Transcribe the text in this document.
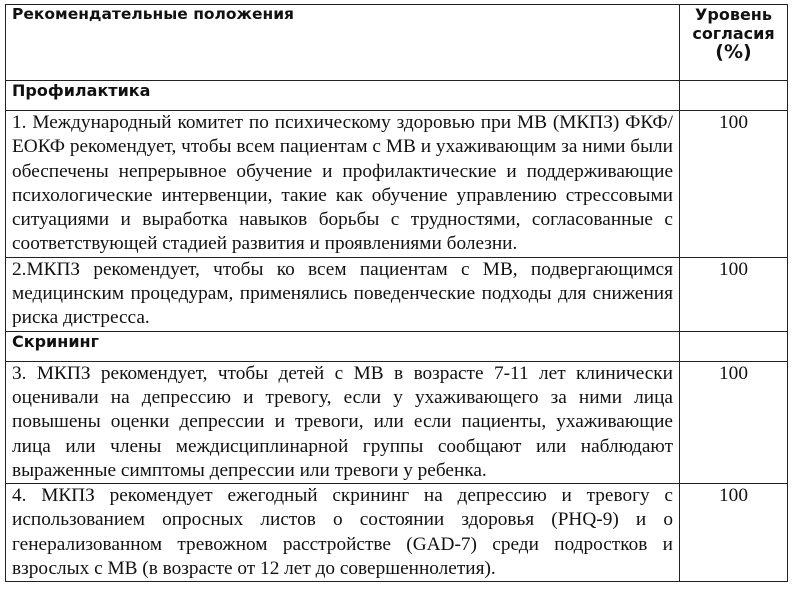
Рекомендательные положения	Уровень
согласия
(%)

Профилактика	
1. Международный комитет по психическому здоровью при МВ (МКПЗ) ФКФ/ЕОКФ рекомендует, чтобы всем пациентам с МВ и ухаживающим за ними были обеспечены непрерывное обучение и профилактические и поддерживающие психологические интервенции, такие как обучение управлению стрессовыми ситуациями и выработка навыков борьбы с трудностями, согласованные с соответствующей стадией развития и проявлениями болезни.	100
2.МКПЗ рекомендует, чтобы ко всем пациентам с МВ, подвергающимся медицинским процедурам, применялись поведенческие подходы для снижения риска дистресса.	100
Скрининг	
3. МКПЗ рекомендует, чтобы детей с МВ в возрасте 7-11 лет клинически оценивали на депрессию и тревогу, если у ухаживающего за ними лица повышены оценки депрессии и тревоги, или если пациенты, ухаживающие лица или члены междисциплинарной группы сообщают или наблюдают выраженные симптомы депрессии или тревоги у ребенка.	100
4. МКПЗ рекомендует ежегодный скрининг на депрессию и тревогу с использованием опросных листов о состоянии здоровья (PHQ-9) и о генерализованном тревожном расстройстве (GAD-7) среди подростков и взрослых с МВ (в возрасте от 12 лет до совершеннолетия).	100
